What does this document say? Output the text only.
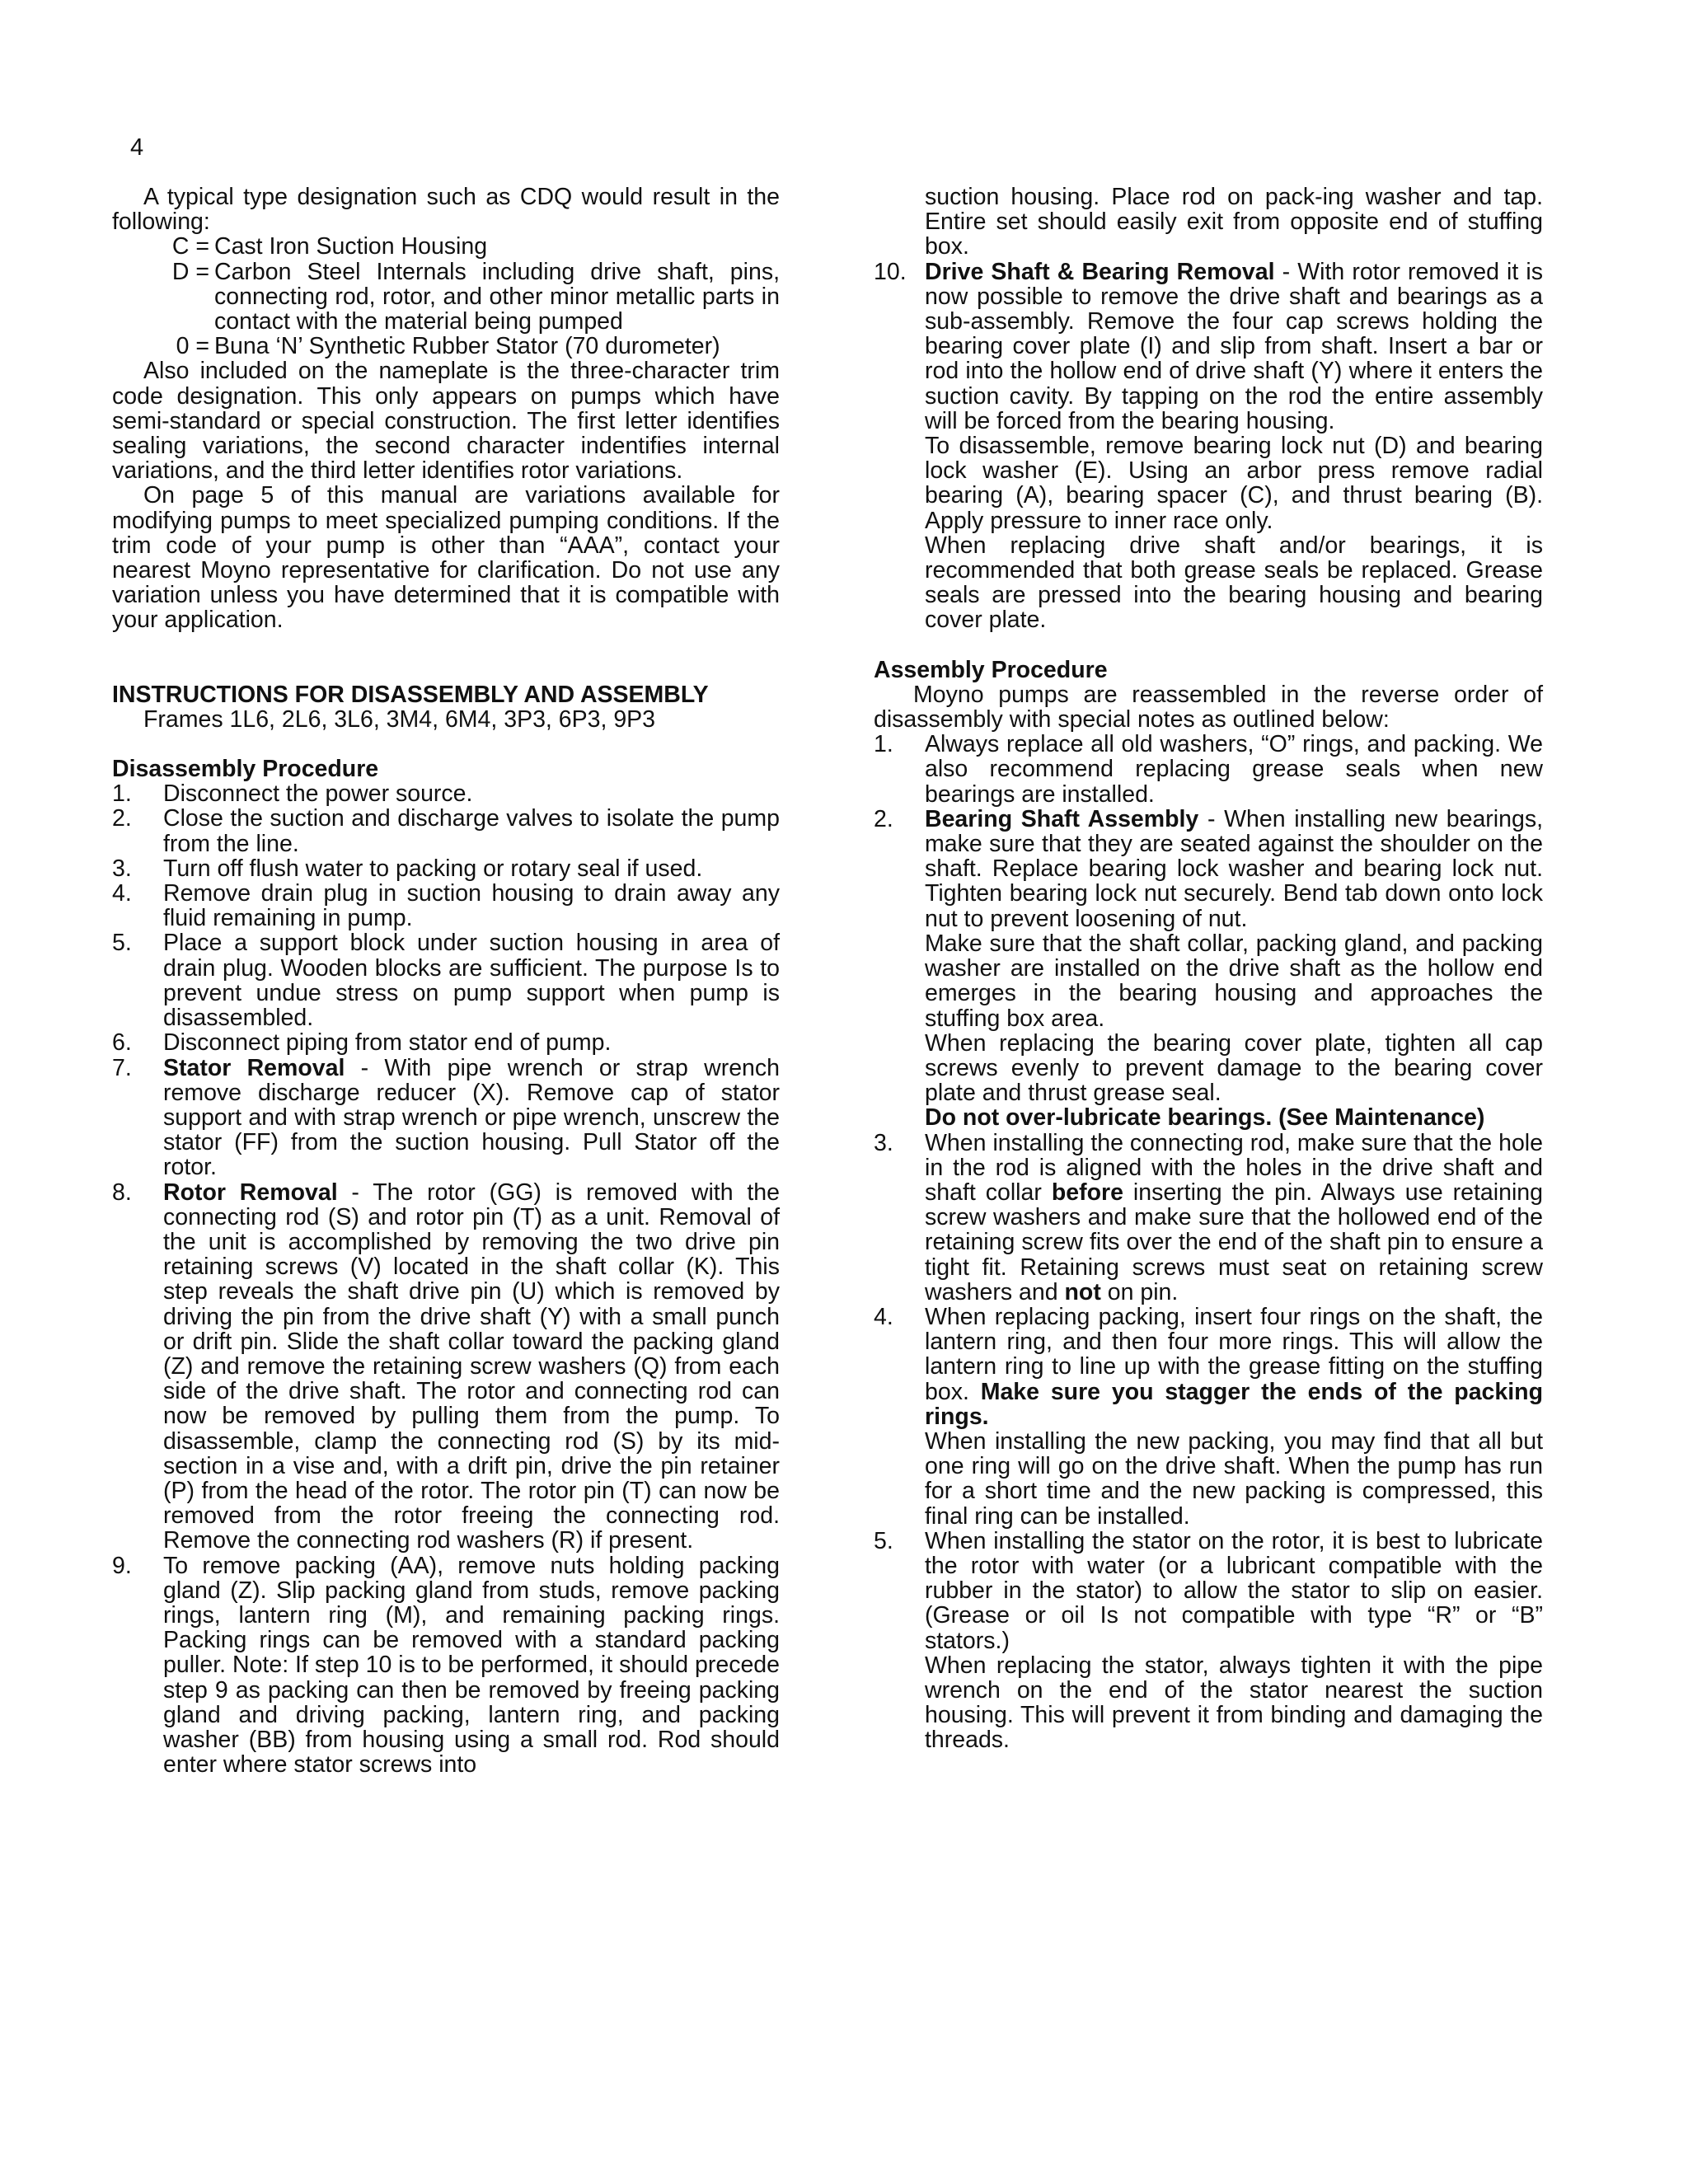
4

A typical type designation such as CDQ would result in the following:

C = Cast Iron Suction Housing
D = Carbon Steel Internals including drive shaft, pins, connecting rod, rotor, and other minor metallic parts in contact with the material being pumped
0 = Buna ‘N’ Synthetic Rubber Stator (70 durometer)

Also included on the nameplate is the three-character trim code designation. This only appears on pumps which have semi-standard or special construction. The first letter identifies sealing variations, the second character indentifies internal variations, and the third letter identifies rotor variations.

On page 5 of this manual are variations available for modifying pumps to meet specialized pumping conditions. If the trim code of your pump is other than “AAA”, contact your nearest Moyno representative for clarification. Do not use any variation unless you have determined that it is compatible with your application.

INSTRUCTIONS FOR DISASSEMBLY AND ASSEMBLY

Frames 1L6, 2L6, 3L6, 3M4, 6M4, 3P3, 6P3, 9P3

Disassembly Procedure

1.	Disconnect the power source.
2.	Close the suction and discharge valves to isolate the pump from the line.
3.	Turn off flush water to packing or rotary seal if used.
4.	Remove drain plug in suction housing to drain away any fluid remaining in pump.
5.	Place a support block under suction housing in area of drain plug. Wooden blocks are sufficient. The purpose Is to prevent undue stress on pump support when pump is disassembled.
6.	Disconnect piping from stator end of pump.
7.	Stator Removal - With pipe wrench or strap wrench remove discharge reducer (X). Remove cap of stator support and with strap wrench or pipe wrench, unscrew the stator (FF) from the suction housing. Pull Stator off the rotor.
8.	Rotor Removal - The rotor (GG) is removed with the connecting rod (S) and rotor pin (T) as a unit. Removal of the unit is accomplished by removing the two drive pin retaining screws (V) located in the shaft collar (K). This step reveals the shaft drive pin (U) which is removed by driving the pin from the drive shaft (Y) with a small punch or drift pin. Slide the shaft collar toward the packing gland (Z) and remove the retaining screw washers (Q) from each side of the drive shaft. The rotor and connecting rod can now be removed by pulling them from the pump. To disassemble, clamp the connecting rod (S) by its mid-section in a vise and, with a drift pin, drive the pin retainer (P) from the head of the rotor. The rotor pin (T) can now be removed from the rotor freeing the connecting rod. Remove the connecting rod washers (R) if present.
9.	To remove packing (AA), remove nuts holding packing gland (Z). Slip packing gland from studs, remove packing rings, lantern ring (M), and remaining packing rings. Packing rings can be removed with a standard packing puller. Note: If step 10 is to be performed, it should precede step 9 as packing can then be removed by freeing packing gland and driving packing, lantern ring, and packing washer (BB) from housing using a small rod. Rod should enter where stator screws into

suction housing. Place rod on pack-ing washer and tap. Entire set should easily exit from opposite end of stuffing box.

10. Drive Shaft & Bearing Removal - With rotor removed it is now possible to remove the drive shaft and bearings as a sub-assembly. Remove the four cap screws holding the bearing cover plate (I) and slip from shaft. Insert a bar or rod into the hollow end of drive shaft (Y) where it enters the suction cavity. By tapping on the rod the entire assembly will be forced from the bearing housing.

To disassemble, remove bearing lock nut (D) and bearing lock washer (E). Using an arbor press remove radial bearing (A), bearing spacer (C), and thrust bearing (B). Apply pressure to inner race only.

When replacing drive shaft and/or bearings, it is recommended that both grease seals be replaced. Grease seals are pressed into the bearing housing and bearing cover plate.

Assembly Procedure

Moyno pumps are reassembled in the reverse order of disassembly with special notes as outlined below:

1.	Always replace all old washers, “O” rings, and packing. We also recommend replacing grease seals when new bearings are installed.
2.	Bearing Shaft Assembly - When installing new bearings, make sure that they are seated against the shoulder on the shaft. Replace bearing lock washer and bearing lock nut. Tighten bearing lock nut securely. Bend tab down onto lock nut to prevent loosening of nut.

Make sure that the shaft collar, packing gland, and packing washer are installed on the drive shaft as the hollow end emerges in the bearing housing and approaches the stuffing box area.

When replacing the bearing cover plate, tighten all cap screws evenly to prevent damage to the bearing cover plate and thrust grease seal.

Do not over-lubricate bearings. (See Maintenance)

3.	When installing the connecting rod, make sure that the hole in the rod is aligned with the holes in the drive shaft and shaft collar before inserting the pin. Always use retaining screw washers and make sure that the hollowed end of the retaining screw fits over the end of the shaft pin to ensure a tight fit. Retaining screws must seat on retaining screw washers and not on pin.
4.	When replacing packing, insert four rings on the shaft, the lantern ring, and then four more rings. This will allow the lantern ring to line up with the grease fitting on the stuffing box. Make sure you stagger the ends of the packing rings.

When installing the new packing, you may find that all but one ring will go on the drive shaft. When the pump has run for a short time and the new packing is compressed, this final ring can be installed.

5.	When installing the stator on the rotor, it is best to lubricate the rotor with water (or a lubricant compatible with the rubber in the stator) to allow the stator to slip on easier. (Grease or oil Is not compatible with type “R” or “B” stators.)

When replacing the stator, always tighten it with the pipe wrench on the end of the stator nearest the suction housing. This will prevent it from binding and damaging the threads.
